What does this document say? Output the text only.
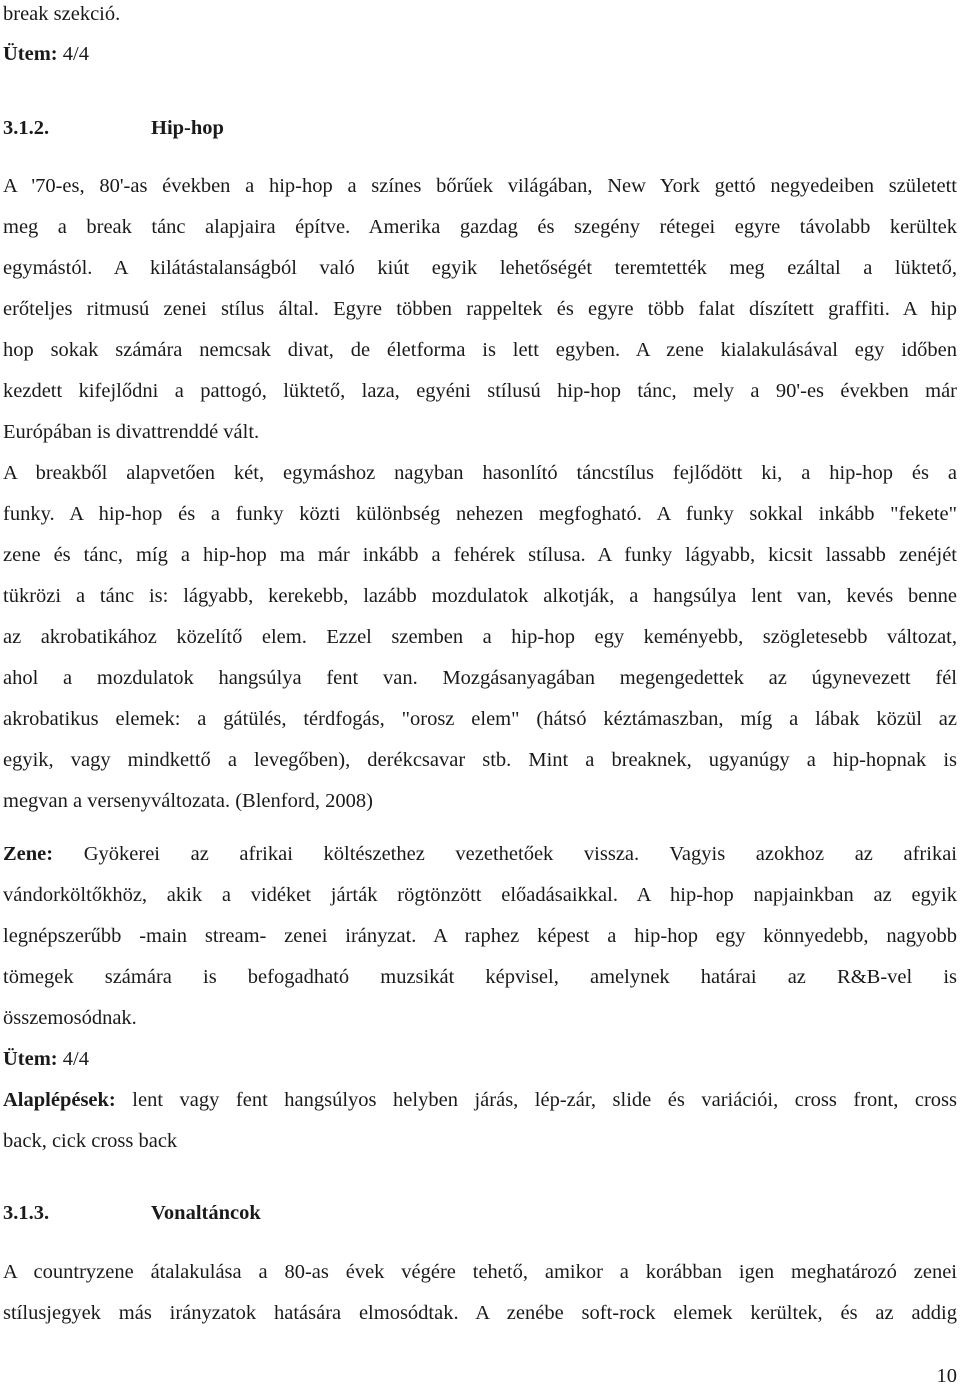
break szekció.
Ütem: 4/4
3.1.2.	Hip-hop
A '70-es, 80'-as években a hip-hop a színes bőrűek világában, New York gettó negyedeiben született
meg a break tánc alapjaira építve. Amerika gazdag és szegény rétegei egyre távolabb kerültek
egymástól. A kilátástalanságból való kiút egyik lehetőségét teremtették meg ezáltal a lüktető,
erőteljes ritmusú zenei stílus által. Egyre többen rappeltek és egyre több falat díszített graffiti. A hip
hop sokak számára nemcsak divat, de életforma is lett egyben. A zene kialakulásával egy időben
kezdett kifejlődni a pattogó, lüktető, laza, egyéni stílusú hip-hop tánc, mely a 90'-es években már
Európában is divattrenddé vált.
A breakből alapvetően két, egymáshoz nagyban hasonlító táncstílus fejlődött ki, a hip-hop és a
funky. A hip-hop és a funky közti különbség nehezen megfogható. A funky sokkal inkább "fekete"
zene és tánc, míg a hip-hop ma már inkább a fehérek stílusa. A funky lágyabb, kicsit lassabb zenéjét
tükrözi a tánc is: lágyabb, kerekebb, lazább mozdulatok alkotják, a hangsúlya lent van, kevés benne
az akrobatikához közelítő elem. Ezzel szemben a hip-hop egy keményebb, szögletesebb változat,
ahol a mozdulatok hangsúlya fent van. Mozgásanyagában megengedettek az úgynevezett fél
akrobatikus elemek: a gátülés, térdfogás, "orosz elem" (hátsó kéztámaszban, míg a lábak közül az
egyik, vagy mindkettő a levegőben), derékcsavar stb. Mint a breaknek, ugyanúgy a hip-hopnak is
megvan a versenyváltozata. (Blenford, 2008)
Zene: Gyökerei az afrikai költészethez vezethetőek vissza. Vagyis azokhoz az afrikai
vándorköltőkhöz, akik a vidéket járták rögtönzött előadásaikkal. A hip-hop napjainkban az egyik
legnépszerűbb -main stream- zenei irányzat. A raphez képest a hip-hop egy könnyedebb, nagyobb
tömegek számára is befogadható muzsikát képvisel, amelynek határai az R&B-vel is
összemosódnak.
Ütem: 4/4
Alaplépések: lent vagy fent hangsúlyos helyben járás, lép-zár, slide és variációi, cross front, cross
back, cick cross back
3.1.3.	Vonaltáncok
A countryzene átalakulása a 80-as évek végére tehető, amikor a korábban igen meghatározó zenei
stílusjegyek más irányzatok hatására elmosódtak. A zenébe soft-rock elemek kerültek, és az addig
10
